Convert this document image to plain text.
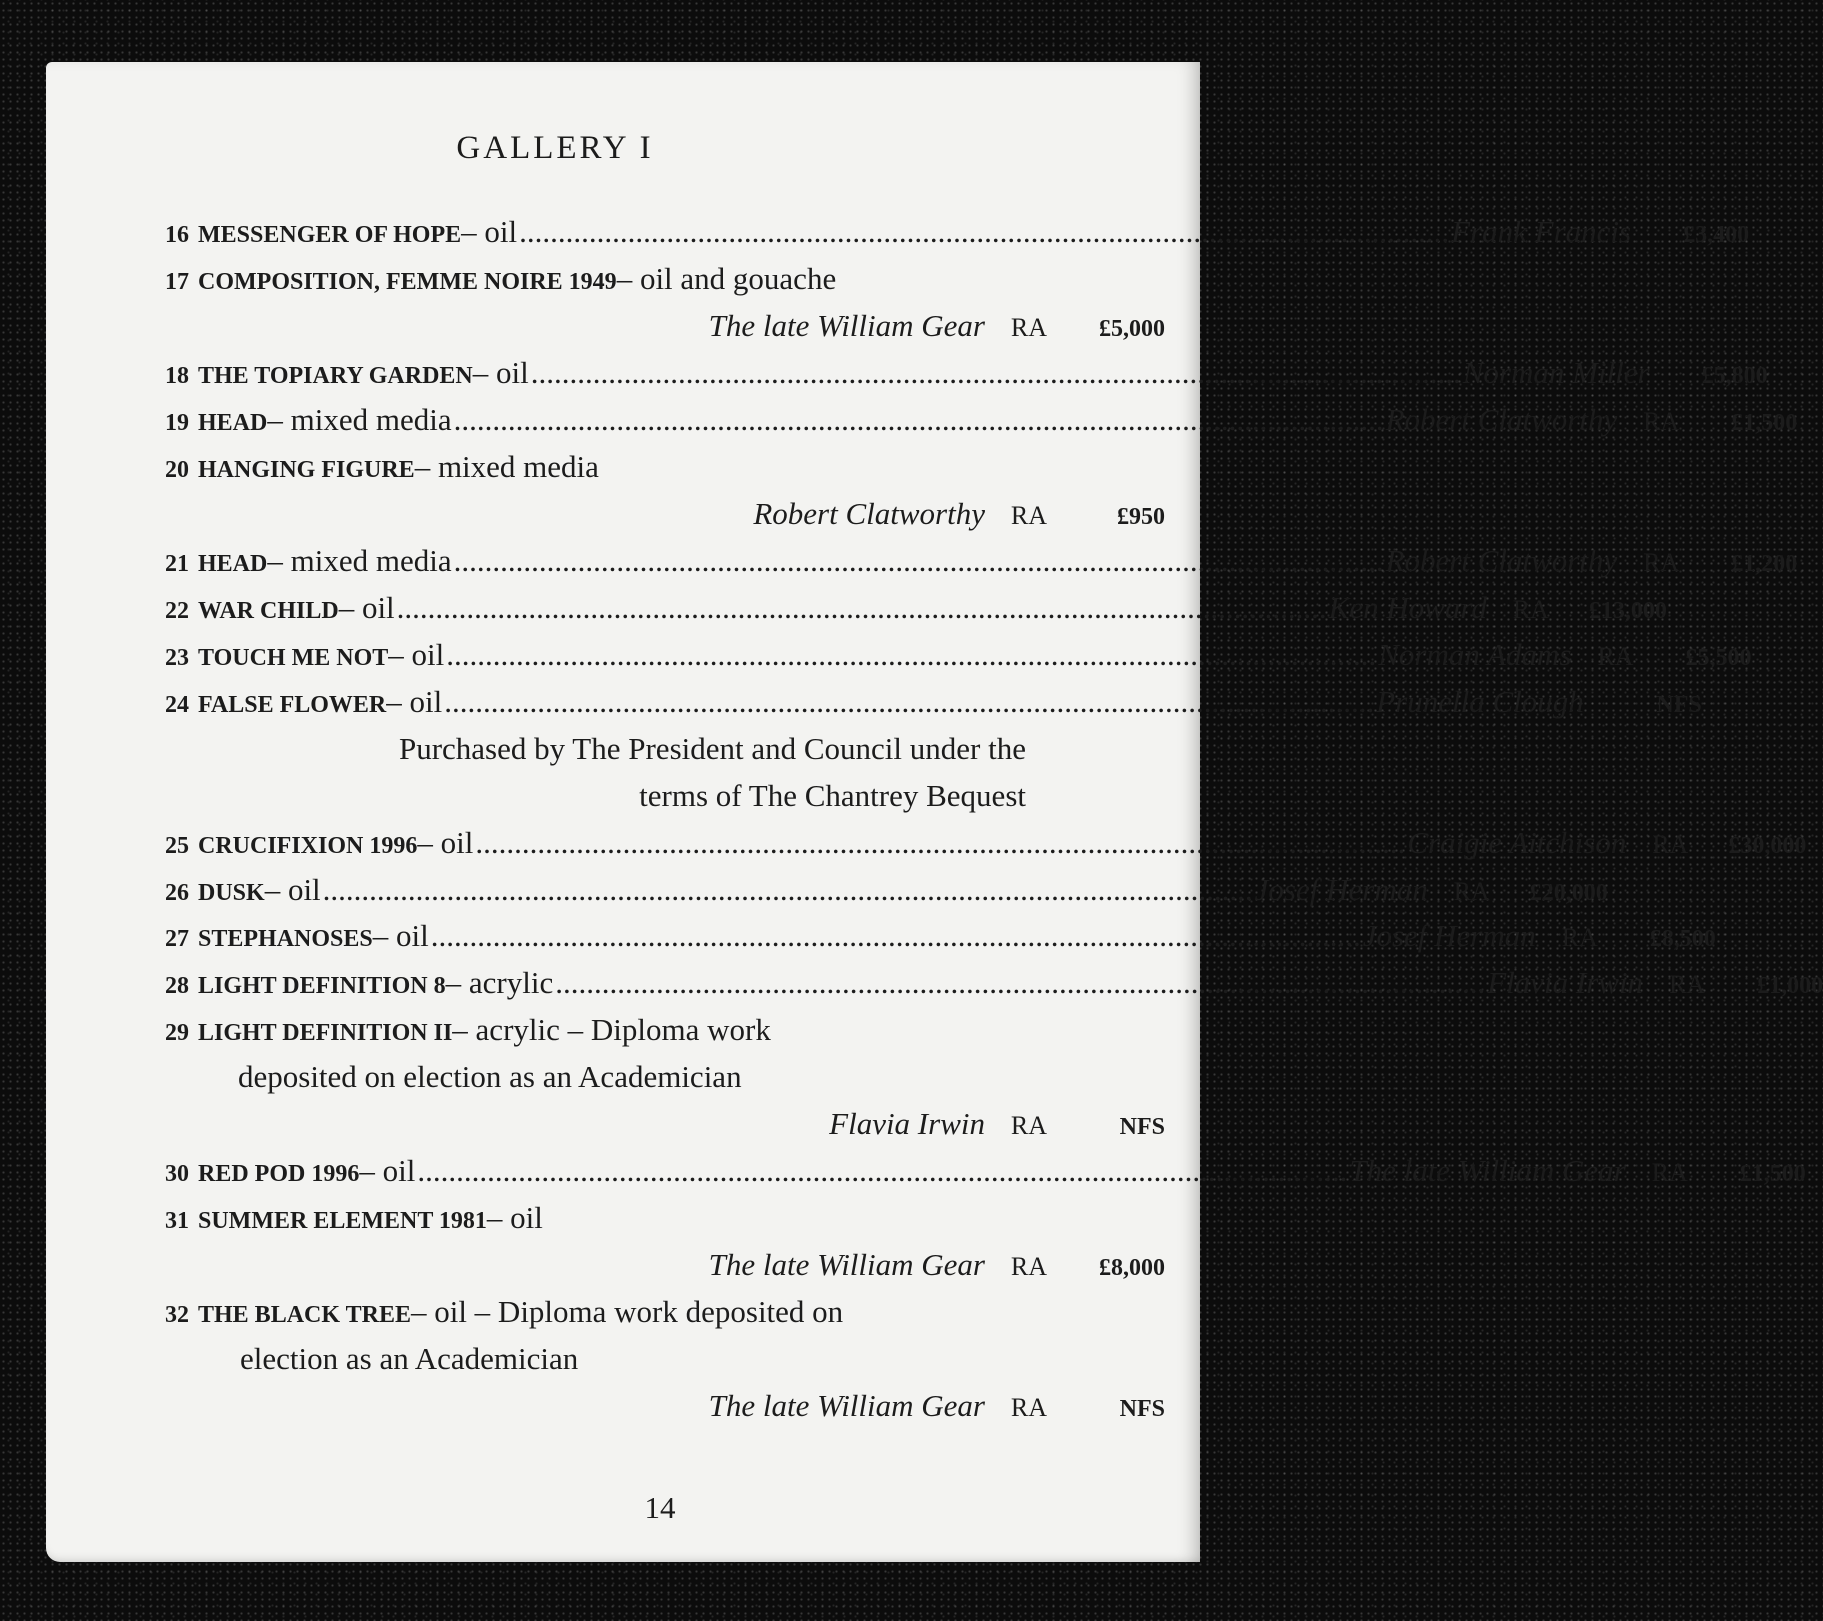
GALLERY I
16 MESSENGER OF HOPE – oil ........................................................................................................................ Frank Francis	£3,400
17 COMPOSITION, FEMME NOIRE 1949 – oil and gouache
The late William Gear RA	£5,000
18 THE TOPIARY GARDEN – oil ........................................................................................................................ Norman Miller	£5,800
19 HEAD – mixed media ........................................................................................................................ Robert Clatworthy RA	£1,500
20 HANGING FIGURE – mixed media
Robert Clatworthy RA	£950
21 HEAD – mixed media ........................................................................................................................ Robert Clatworthy RA	£1,200
22 WAR CHILD – oil ........................................................................................................................ Ken Howard RA	£13,000
23 TOUCH ME NOT – oil ........................................................................................................................ Norman Adams RA	£5,500
24 FALSE FLOWER – oil ........................................................................................................................ Prunella Clough	NFS
Purchased by The President and Council under the
terms of The Chantrey Bequest
25 CRUCIFIXION 1996 – oil ........................................................................................................................ Craigie Aitchison RA	£30,000
26 DUSK – oil ........................................................................................................................ Josef Herman RA	£20,000
27 STEPHANOSES – oil ........................................................................................................................ Josef Herman RA	£8,500
28 LIGHT DEFINITION 8 – acrylic ........................................................................................................................ Flavia Irwin RA	£1,000
29 LIGHT DEFINITION II – acrylic – Diploma work
deposited on election as an Academician
Flavia Irwin RA	NFS
30 RED POD 1996 – oil ........................................................................................................................ The late William Gear RA	£1,500
31 SUMMER ELEMENT 1981 – oil
The late William Gear RA	£8,000
32 THE BLACK TREE – oil – Diploma work deposited on
election as an Academician
The late William Gear RA	NFS
14
